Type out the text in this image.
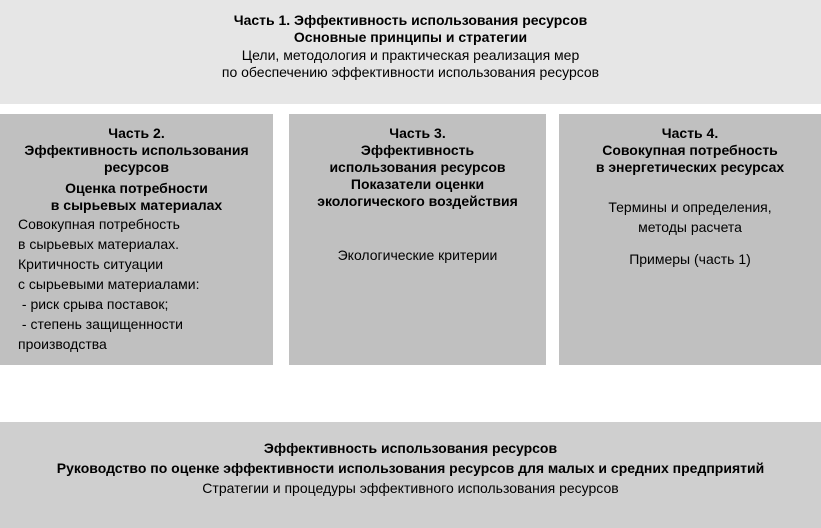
Часть 1. Эффективность использования ресурсов
Основные принципы и стратегии
Цели, методология и практическая реализация мер
по обеспечению эффективности использования ресурсов
Часть 2.
Эффективность использования
ресурсов
Оценка потребности
в сырьевых материалах
Совокупная потребность
в сырьевых материалах.
Критичность ситуации
с сырьевыми материалами:
- риск срыва поставок;
- степень защищенности
производства
Часть 3.
Эффективность
использования ресурсов
Показатели оценки
экологического воздействия
Экологические критерии
Часть 4.
Совокупная потребность
в энергетических ресурсах
Термины и определения,
методы расчета
Примеры (часть 1)
Эффективность использования ресурсов
Руководство по оценке эффективности использования ресурсов для малых и средних предприятий
Стратегии и процедуры эффективного использования ресурсов
